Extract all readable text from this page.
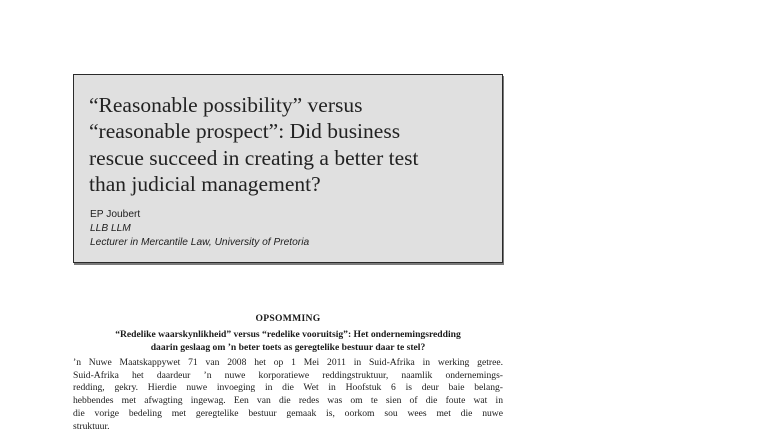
“Reasonable possibility” versus
“reasonable prospect”: Did business
rescue succeed in creating a better test
than judicial management?
EP Joubert
LLB LLM
Lecturer in Mercantile Law, University of Pretoria
OPSOMMING
“Redelike waarskynlikheid” versus “redelike vooruitsig”: Het ondernemingsredding
daarin geslaag om ’n beter toets as geregtelike bestuur daar te stel?

’n Nuwe Maatskappywet 71 van 2008 het op 1 Mei 2011 in Suid-Afrika in werking getree.
Suid-Afrika het daardeur ’n nuwe korporatiewe reddingstruktuur, naamlik ondernemings-
redding, gekry. Hierdie nuwe invoeging in die Wet in Hoofstuk 6 is deur baie belang-
hebbendes met afwagting ingewag. Een van die redes was om te sien of die foute wat in
die vorige bedeling met geregtelike bestuur gemaak is, oorkom sou wees met die nuwe
struktuur.
